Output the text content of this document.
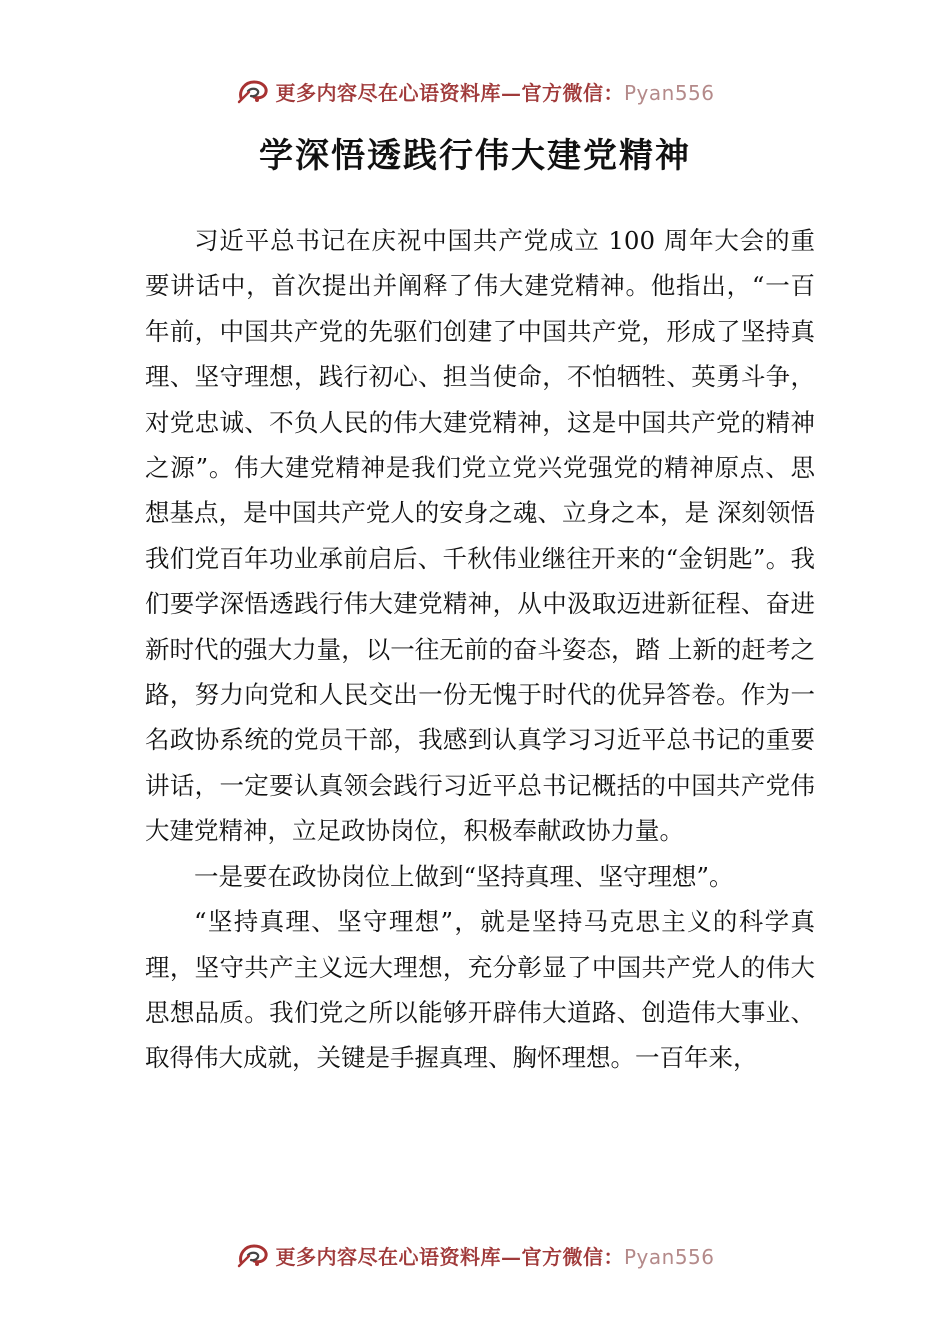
更多内容尽在心语资料库—官方微信：Pyan556
学深悟透践行伟大建党精神

习近平总书记在庆祝中国共产党成立 100 周年大会的重要讲话中，首次提出并阐释了伟大建党精神。他指出，“一百年前，中国共产党的先驱们创建了中国共产党，形成了坚持真理、坚守理想，践行初心、担当使命，不怕牺牲、英勇斗争，对党忠诚、不负人民的伟大建党精神，这是中国共产党的精神之源”。伟大建党精神是我们党立党兴党强党的精神原点、思想基点，是中国共产党人的安身之魂、立身之本，是 深刻领悟我们党百年功业承前启后、千秋伟业继往开来的“金钥匙”。我们要学深悟透践行伟大建党精神，从中汲取迈进新征程、奋进新时代的强大力量，以一往无前的奋斗姿态，踏 上新的赶考之路，努力向党和人民交出一份无愧于时代的优异答卷。作为一名政协系统的党员干部，我感到认真学习习近平总书记的重要讲话，一定要认真领会践行习近平总书记概括的中国共产党伟大建党精神，立足政协岗位，积极奉献政协力量。

一是要在政协岗位上做到“坚持真理、坚守理想”。

“坚持真理、坚守理想”，就是坚持马克思主义的科学真理，坚守共产主义远大理想，充分彰显了中国共产党人的伟大思想品质。我们党之所以能够开辟伟大道路、创造伟大事业、取得伟大成就，关键是手握真理、胸怀理想。一百年来，

更多内容尽在心语资料库—官方微信：Pyan556
